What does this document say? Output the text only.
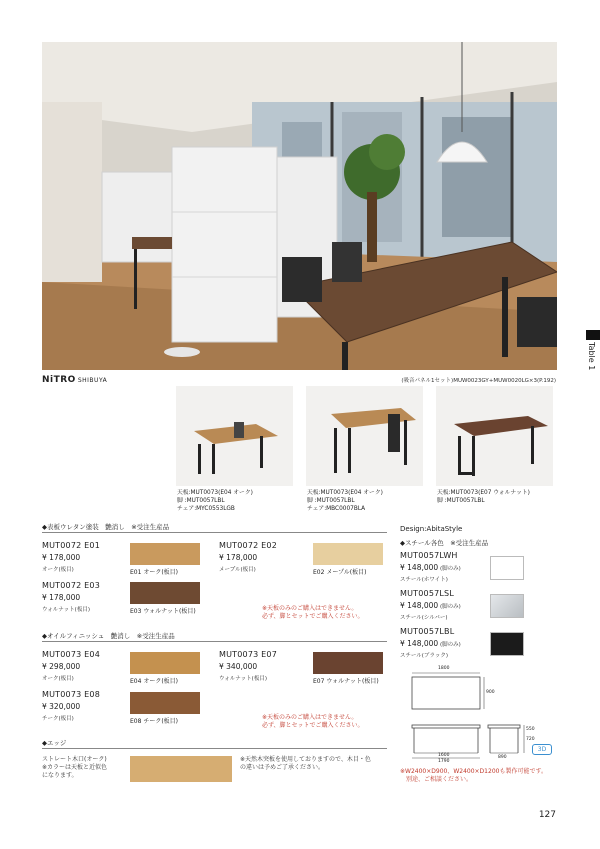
Table 1
NiTRO SHIBUYA	(吸音パネル1セット)MUW0023GY+MUW0020LG×3(P.192)
天板:MUT0073(E04 オーク)
脚 :MUT0057LBL
チェア:MYC0553LGB
天板:MUT0073(E04 オーク)
脚 :MUT0057LBL
チェア:MBC0007BLA
天板:MUT0073(E07 ウォルナット)
脚 :MUT0057LBL
◆表板ウレタン塗装　艶消し　※受注生産品
MUT0072 E01
¥ 178,000
オーク(板目)	E01 オーク(板目)
MUT0072 E02
¥ 178,000
メープル(板目)	E02 メープル(板目)
MUT0072 E03
¥ 178,000
ウォルナット(板目)	E03 ウォルナット(板目)	※天板のみのご購入はできません。
必ず、脚とセットでご購入ください。
◆オイルフィニッシュ　艶消し　※受注生産品
MUT0073 E04
¥ 298,000
オーク(板目)	E04 オーク(板目)
MUT0073 E07
¥ 340,000
ウォルナット(板目)	E07 ウォルナット(板目)
MUT0073 E08
¥ 320,000
チーク(板目)	E08 チーク(板目)
※天板のみのご購入はできません。
必ず、脚とセットでご購入ください。
◆エッジ
ストレート木口(オーク)
※カラーは天板と近似色
になります。
※天然木突板を使用しておりますので、木目・色
の違いは予めご了承ください。
Design:AbitaStyle
◆スチール各色　※受注生産品
MUT0057LWH
¥ 148,000 (脚のみ)
スチール(ホワイト)
MUT0057LSL
¥ 148,000 (脚のみ)
スチール(シルバー)
MUT0057LBL
¥ 148,000 (脚のみ)
スチール(ブラック)
1800
900
1600
1790
890
550
720
3D
※W2400×D900、W2400×D1200も製作可能です。
　別途、ご相談ください。
127
